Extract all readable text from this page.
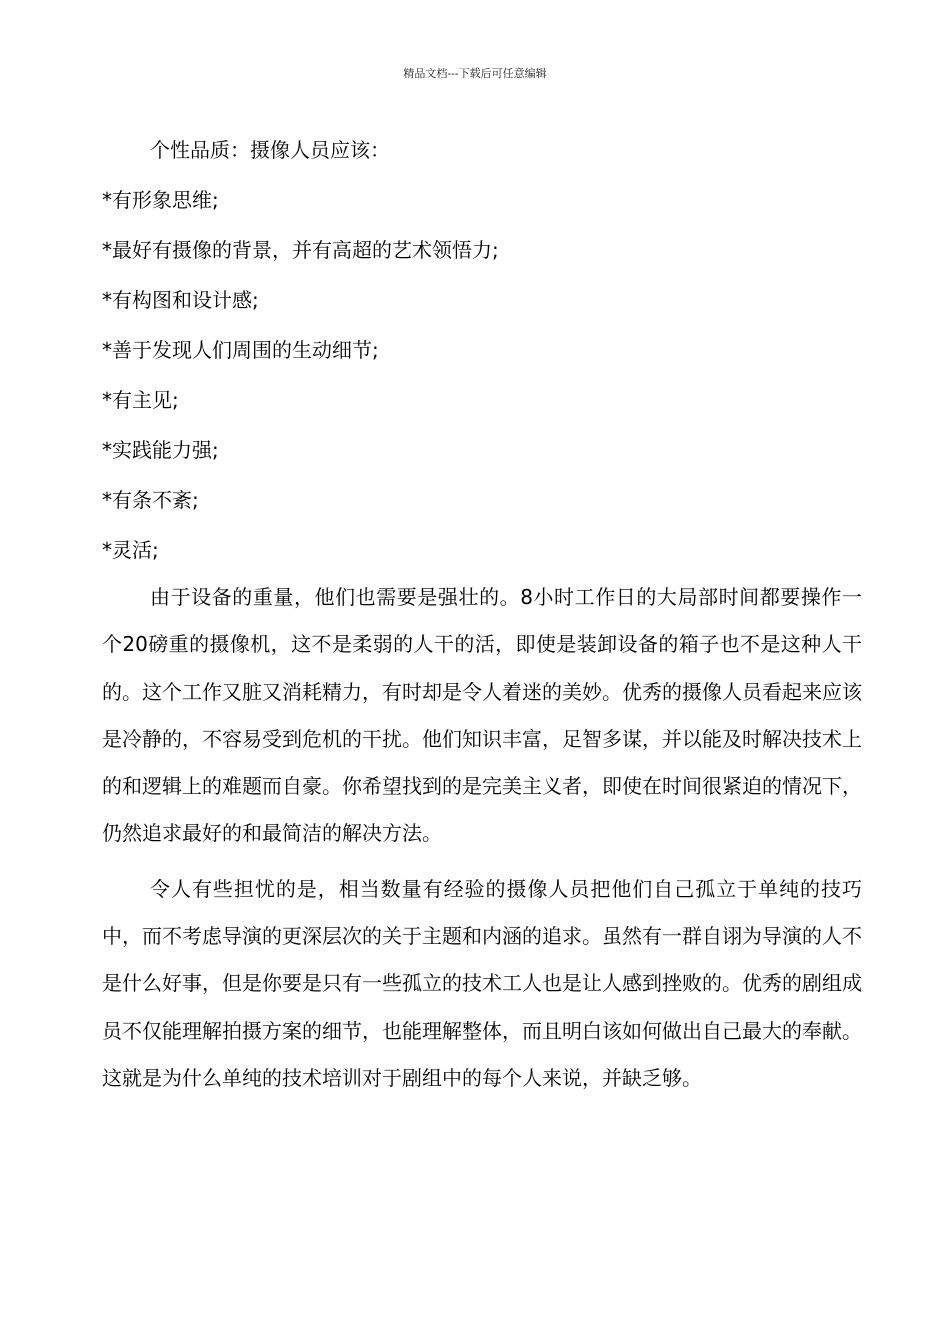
精品文档---下载后可任意编辑

个性品质：摄像人员应该：

*有形象思维;

*最好有摄像的背景，并有高超的艺术领悟力;

*有构图和设计感;

*善于发现人们周围的生动细节;

*有主见;

*实践能力强;

*有条不紊;

*灵活;

由于设备的重量，他们也需要是强壮的。8小时工作日的大局部时间都要操作一个20磅重的摄像机，这不是柔弱的人干的活，即使是装卸设备的箱子也不是这种人干的。这个工作又脏又消耗精力，有时却是令人着迷的美妙。优秀的摄像人员看起来应该是冷静的，不容易受到危机的干扰。他们知识丰富，足智多谋，并以能及时解决技术上的和逻辑上的难题而自豪。你希望找到的是完美主义者，即使在时间很紧迫的情况下，仍然追求最好的和最简洁的解决方法。

令人有些担忧的是，相当数量有经验的摄像人员把他们自己孤立于单纯的技巧中，而不考虑导演的更深层次的关于主题和内涵的追求。虽然有一群自诩为导演的人不是什么好事，但是你要是只有一些孤立的技术工人也是让人感到挫败的。优秀的剧组成员不仅能理解拍摄方案的细节，也能理解整体，而且明白该如何做出自己最大的奉献。这就是为什么单纯的技术培训对于剧组中的每个人来说，并缺乏够。
